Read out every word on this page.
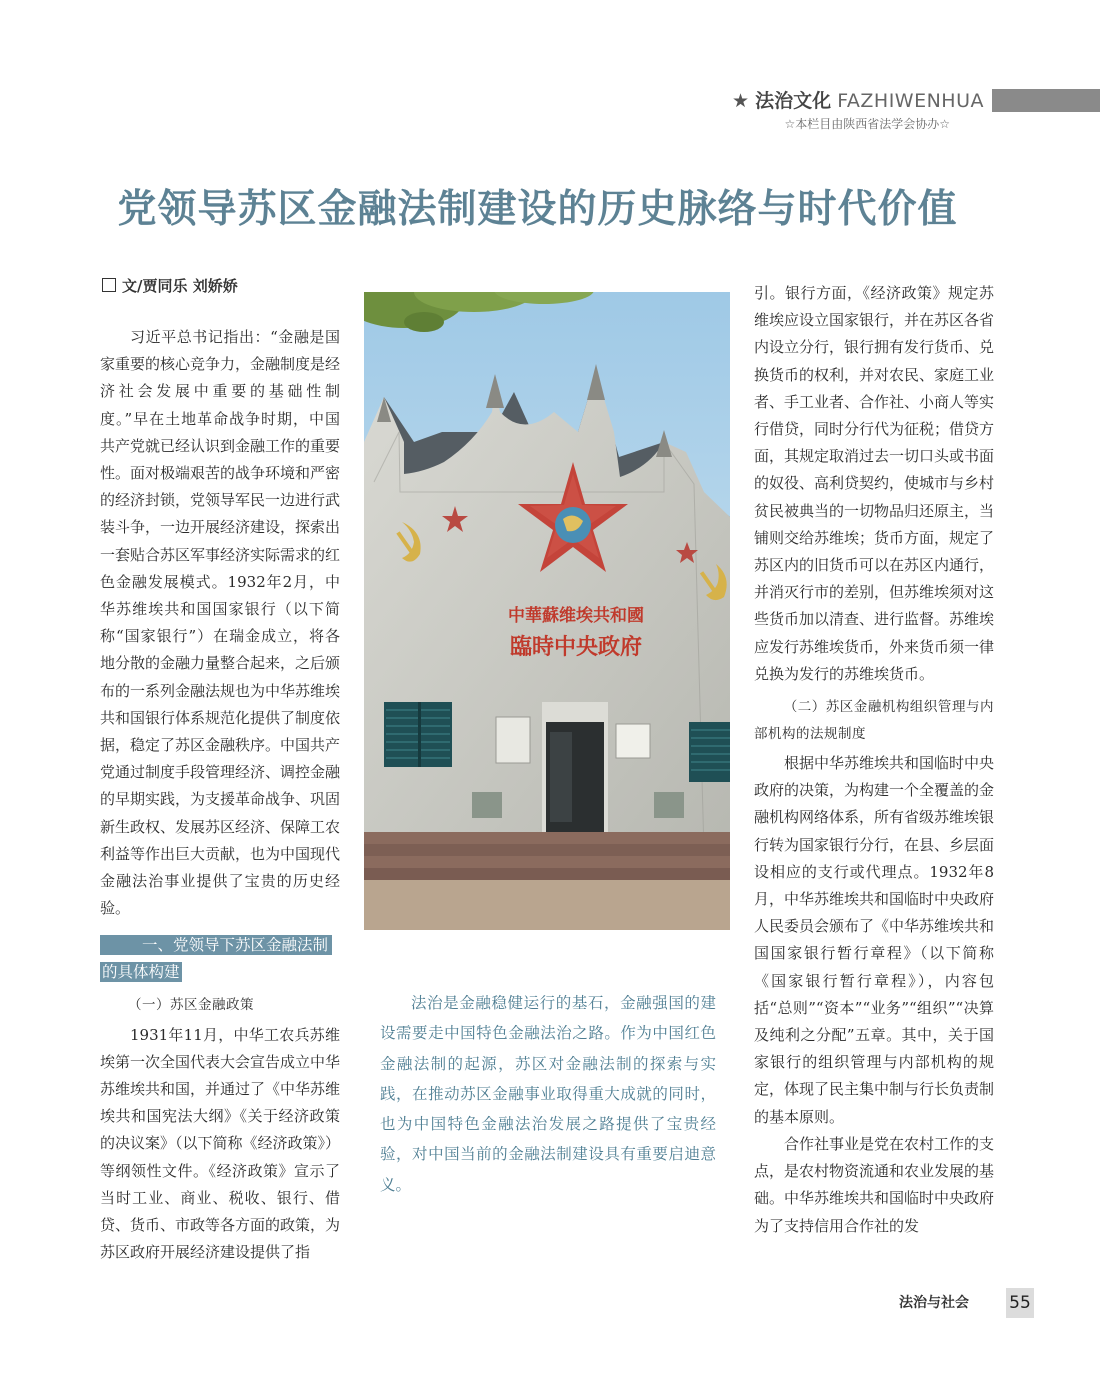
★ 法治文化 FAZHIWENHUA
☆本栏目由陕西省法学会协办☆
党领导苏区金融法制建设的历史脉络与时代价值
文/贾同乐 刘娇娇

习近平总书记指出：“金融是国家重要的核心竞争力，金融制度是经济社会发展中重要的基础性制度。”早在土地革命战争时期，中国共产党就已经认识到金融工作的重要性。面对极端艰苦的战争环境和严密的经济封锁，党领导军民一边进行武装斗争，一边开展经济建设，探索出一套贴合苏区军事经济实际需求的红色金融发展模式。1932年2月，中华苏维埃共和国国家银行（以下简称“国家银行”）在瑞金成立，将各地分散的金融力量整合起来，之后颁布的一系列金融法规也为中华苏维埃共和国银行体系规范化提供了制度依据，稳定了苏区金融秩序。中国共产党通过制度手段管理经济、调控金融的早期实践，为支援革命战争、巩固新生政权、发展苏区经济、保障工农利益等作出巨大贡献，也为中国现代金融法治事业提供了宝贵的历史经验。

一、党领导下苏区金融法制
的具体构建
（一）苏区金融政策

1931年11月，中华工农兵苏维埃第一次全国代表大会宣告成立中华苏维埃共和国，并通过了《中华苏维埃共和国宪法大纲》《关于经济政策的决议案》（以下简称《经济政策》）等纲领性文件。《经济政策》宣示了当时工业、商业、税收、银行、借贷、货币、市政等各方面的政策，为苏区政府开展经济建设提供了指

中華蘇维埃共和國
臨時中央政府
法治是金融稳健运行的基石，金融强国的建设需要走中国特色金融法治之路。作为中国红色金融法制的起源，苏区对金融法制的探索与实践，在推动苏区金融事业取得重大成就的同时，也为中国特色金融法治发展之路提供了宝贵经验，对中国当前的金融法制建设具有重要启迪意义。

引。银行方面，《经济政策》规定苏维埃应设立国家银行，并在苏区各省内设立分行，银行拥有发行货币、兑换货币的权利，并对农民、家庭工业者、手工业者、合作社、小商人等实行借贷，同时分行代为征税；借贷方面，其规定取消过去一切口头或书面的奴役、高利贷契约，使城市与乡村贫民被典当的一切物品归还原主，当铺则交给苏维埃；货币方面，规定了苏区内的旧货币可以在苏区内通行，并消灭行市的差别，但苏维埃须对这些货币加以清查、进行监督。苏维埃应发行苏维埃货币，外来货币须一律兑换为发行的苏维埃货币。

（二）苏区金融机构组织管理与内部机构的法规制度

根据中华苏维埃共和国临时中央政府的决策，为构建一个全覆盖的金融机构网络体系，所有省级苏维埃银行转为国家银行分行，在县、乡层面设相应的支行或代理点。1932年8月，中华苏维埃共和国临时中央政府人民委员会颁布了《中华苏维埃共和国国家银行暂行章程》（以下简称《国家银行暂行章程》），内容包括“总则”“资本”“业务”“组织”“决算及纯利之分配”五章。其中，关于国家银行的组织管理与内部机构的规定，体现了民主集中制与行长负责制的基本原则。

合作社事业是党在农村工作的支点，是农村物资流通和农业发展的基础。中华苏维埃共和国临时中央政府为了支持信用合作社的发

法治与社会 55
